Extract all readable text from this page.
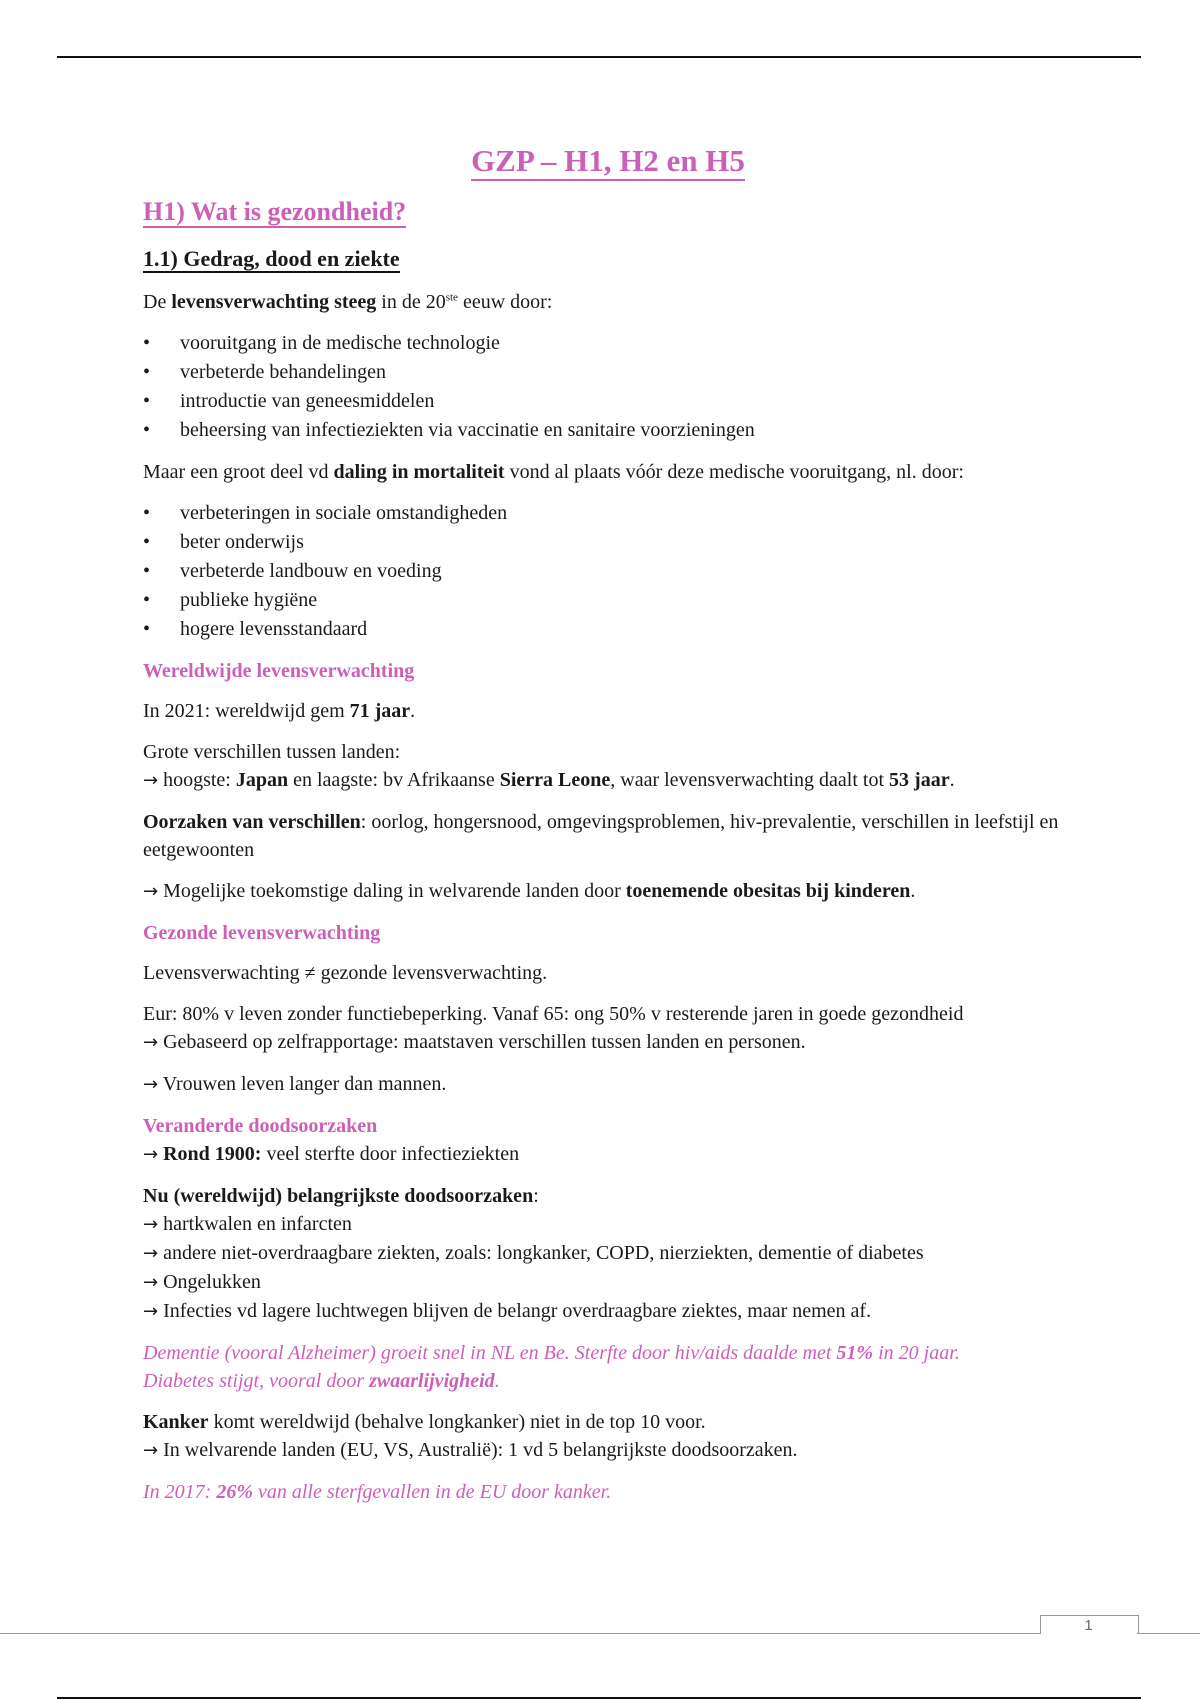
GZP – H1, H2 en H5
H1) Wat is gezondheid?
1.1) Gedrag, dood en ziekte

De levensverwachting steeg in de 20ste eeuw door:

• vooruitgang in de medische technologie
• verbeterde behandelingen
• introductie van geneesmiddelen
• beheersing van infectieziekten via vaccinatie en sanitaire voorzieningen

Maar een groot deel vd daling in mortaliteit vond al plaats vóór deze medische vooruitgang, nl. door:

• verbeteringen in sociale omstandigheden
• beter onderwijs
• verbeterde landbouw en voeding
• publieke hygiëne
• hogere levensstandaard
Wereldwijde levensverwachting

In 2021: wereldwijd gem 71 jaar.

Grote verschillen tussen landen:
→ hoogste: Japan en laagste: bv Afrikaanse Sierra Leone, waar levensverwachting daalt tot 53 jaar.

Oorzaken van verschillen: oorlog, hongersnood, omgevingsproblemen, hiv-prevalentie, verschillen in leefstijl en eetgewoonten

→ Mogelijke toekomstige daling in welvarende landen door toenemende obesitas bij kinderen.

Gezonde levensverwachting

Levensverwachting ≠ gezonde levensverwachting.

Eur: 80% v leven zonder functiebeperking. Vanaf 65: ong 50% v resterende jaren in goede gezondheid
→ Gebaseerd op zelfrapportage: maatstaven verschillen tussen landen en personen.

→ Vrouwen leven langer dan mannen.

Veranderde doodsoorzaken

→ Rond 1900: veel sterfte door infectieziekten

Nu (wereldwijd) belangrijkste doodsoorzaken:
→ hartkwalen en infarcten
→ andere niet-overdraagbare ziekten, zoals: longkanker, COPD, nierziekten, dementie of diabetes
→ Ongelukken
→ Infecties vd lagere luchtwegen blijven de belangr overdraagbare ziektes, maar nemen af.

Dementie (vooral Alzheimer) groeit snel in NL en Be. Sterfte door hiv/aids daalde met 51% in 20 jaar.
Diabetes stijgt, vooral door zwaarlijvigheid.

Kanker komt wereldwijd (behalve longkanker) niet in de top 10 voor.
→ In welvarende landen (EU, VS, Australië): 1 vd 5 belangrijkste doodsoorzaken.

In 2017: 26% van alle sterfgevallen in de EU door kanker.

1
